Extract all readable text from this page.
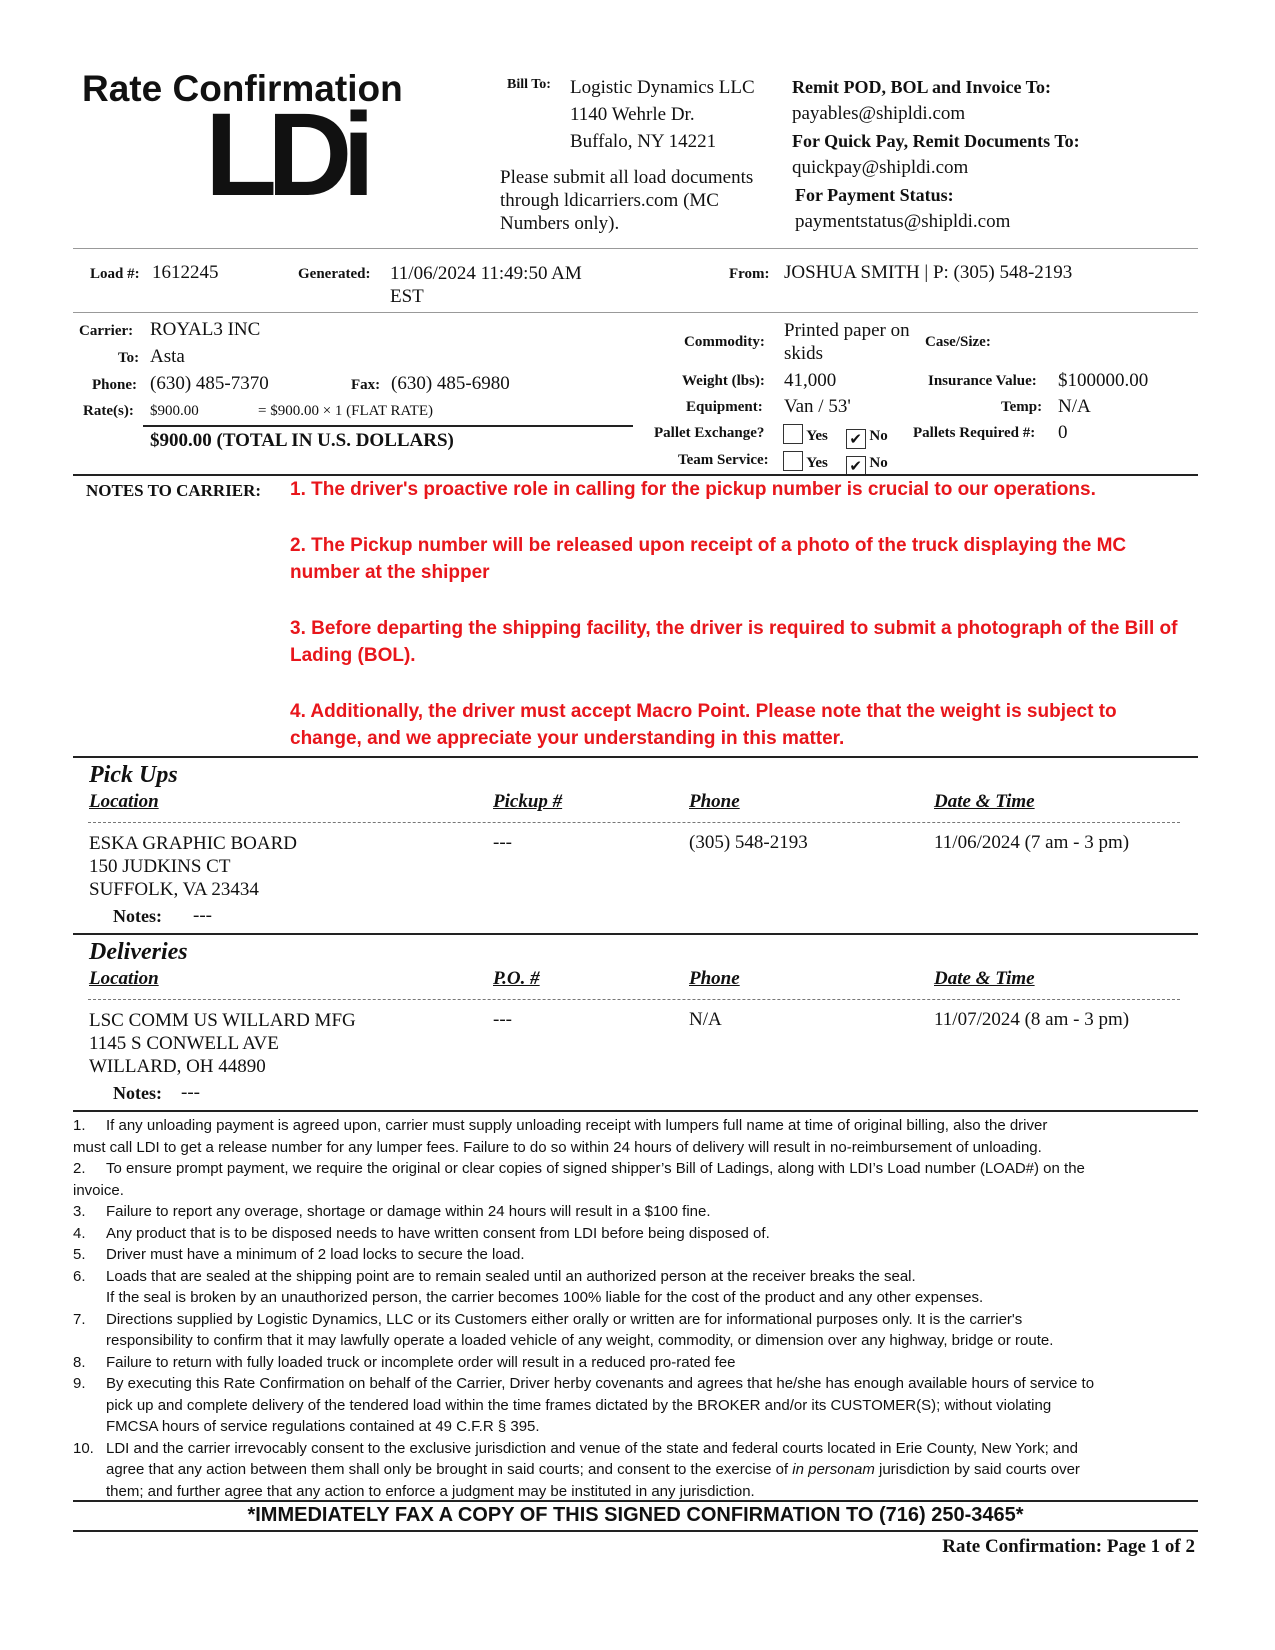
Rate Confirmation
LDi
Bill To: Logistic Dynamics LLC
1140 Wehrle Dr.
Buffalo, NY 14221
Please submit all load documents through ldicarriers.com (MC Numbers only).
Remit POD, BOL and Invoice To:
payables@shipldi.com
For Quick Pay, Remit Documents To:
quickpay@shipldi.com
For Payment Status:
paymentstatus@shipldi.com
Load #: 1612245	Generated: 11/06/2024 11:49:50 AM EST
From: JOSHUA SMITH | P: (305) 548-2193
Carrier: ROYAL3 INC
To: Asta
Phone: (630) 485-7370	Fax: (630) 485-6980
Rate(s): $900.00	= $900.00 × 1 (FLAT RATE)
$900.00 (TOTAL IN U.S. DOLLARS)
Commodity:
Printed paper on skids
Case/Size:
Weight (lbs): 41,000	Insurance Value: $100000.00
Equipment: Van / 53'	Temp: N/A
Pallet Exchange?	Yes ✔ No Pallets Required #: 0
Team Service:	Yes ✔ No
NOTES TO CARRIER: 1. The driver's proactive role in calling for the pickup number is crucial to our operations.
2. The Pickup number will be released upon receipt of a photo of the truck displaying the MC number at the shipper
3. Before departing the shipping facility, the driver is required to submit a photograph of the Bill of Lading (BOL).
4. Additionally, the driver must accept Macro Point. Please note that the weight is subject to change, and we appreciate your understanding in this matter.
Pick Ups
Location	Pickup #	Phone	Date & Time
ESKA GRAPHIC BOARD
150 JUDKINS CT
SUFFOLK, VA 23434
---	(305) 548-2193	11/06/2024 (7 am - 3 pm)
Notes: ---
Deliveries
Location	P.O. #	Phone	Date & Time
LSC COMM US WILLARD MFG
1145 S CONWELL AVE
WILLARD, OH 44890
---	N/A	11/07/2024 (8 am - 3 pm)
Notes: ---
1.	If any unloading payment is agreed upon, carrier must supply unloading receipt with lumpers full name at time of original billing, also the driver
must call LDI to get a release number for any lumper fees. Failure to do so within 24 hours of delivery will result in no-reimbursement of unloading.
2.	To ensure prompt payment, we require the original or clear copies of signed shipper’s Bill of Ladings, along with LDI’s Load number (LOAD#) on the
invoice.
3.	Failure to report any overage, shortage or damage within 24 hours will result in a $100 fine.
4.	Any product that is to be disposed needs to have written consent from LDI before being disposed of.
5.	Driver must have a minimum of 2 load locks to secure the load.
6.	Loads that are sealed at the shipping point are to remain sealed until an authorized person at the receiver breaks the seal.
If the seal is broken by an unauthorized person, the carrier becomes 100% liable for the cost of the product and any other expenses.
7.	Directions supplied by Logistic Dynamics, LLC or its Customers either orally or written are for informational purposes only. It is the carrier's
responsibility to confirm that it may lawfully operate a loaded vehicle of any weight, commodity, or dimension over any highway, bridge or route.
8.	Failure to return with fully loaded truck or incomplete order will result in a reduced pro-rated fee
9.	By executing this Rate Confirmation on behalf of the Carrier, Driver herby covenants and agrees that he/she has enough available hours of service to
pick up and complete delivery of the tendered load within the time frames dictated by the BROKER and/or its CUSTOMER(S); without violating
FMCSA hours of service regulations contained at 49 C.F.R § 395.
10. LDI and the carrier irrevocably consent to the exclusive jurisdiction and venue of the state and federal courts located in Erie County, New York; and
agree that any action between them shall only be brought in said courts; and consent to the exercise of in personam jurisdiction by said courts over
them; and further agree that any action to enforce a judgment may be instituted in any jurisdiction.
*IMMEDIATELY FAX A COPY OF THIS SIGNED CONFIRMATION TO (716) 250-3465*
Rate Confirmation: Page 1 of 2
